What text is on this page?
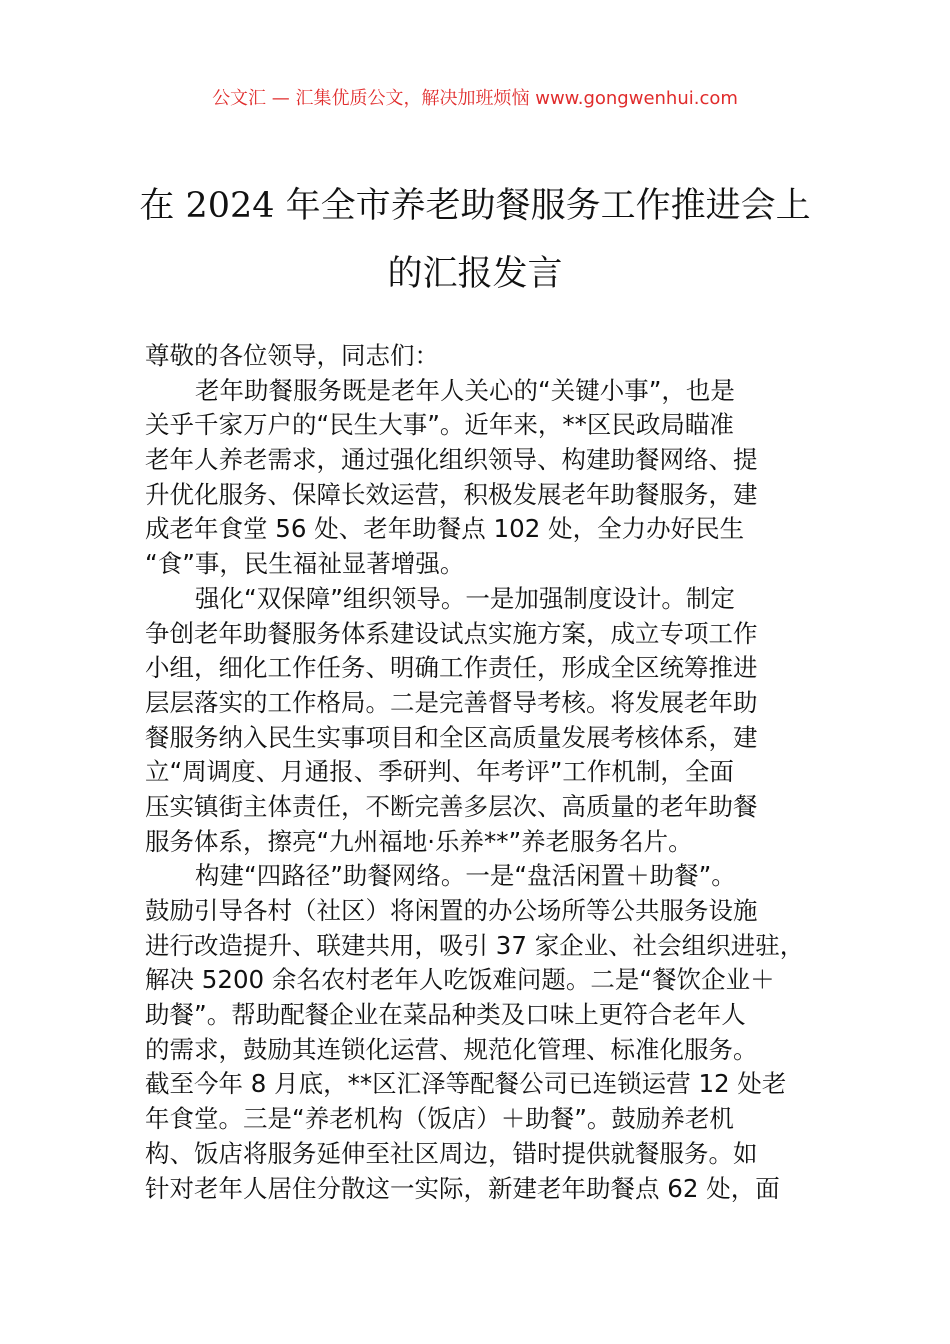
公文汇 — 汇集优质公文，解决加班烦恼 www.gongwenhui.com
在 2024 年全市养老助餐服务工作推进会上
的汇报发言
尊敬的各位领导，同志们：
老年助餐服务既是老年人关心的“关键小事”，也是
关乎千家万户的“民生大事”。近年来，**区民政局瞄准
老年人养老需求，通过强化组织领导、构建助餐网络、提
升优化服务、保障长效运营，积极发展老年助餐服务，建
成老年食堂 56 处、老年助餐点 102 处，全力办好民生
“食”事，民生福祉显著增强。
强化“双保障”组织领导。一是加强制度设计。制定
争创老年助餐服务体系建设试点实施方案，成立专项工作
小组，细化工作任务、明确工作责任，形成全区统筹推进
层层落实的工作格局。二是完善督导考核。将发展老年助
餐服务纳入民生实事项目和全区高质量发展考核体系，建
立“周调度、月通报、季研判、年考评”工作机制，全面
压实镇街主体责任，不断完善多层次、高质量的老年助餐
服务体系，擦亮“九州福地·乐养**”养老服务名片。
构建“四路径”助餐网络。一是“盘活闲置＋助餐”。
鼓励引导各村（社区）将闲置的办公场所等公共服务设施
进行改造提升、联建共用，吸引 37 家企业、社会组织进驻，
解决 5200 余名农村老年人吃饭难问题。二是“餐饮企业＋
助餐”。帮助配餐企业在菜品种类及口味上更符合老年人
的需求，鼓励其连锁化运营、规范化管理、标准化服务。
截至今年 8 月底，**区汇泽等配餐公司已连锁运营 12 处老
年食堂。三是“养老机构（饭店）＋助餐”。鼓励养老机
构、饭店将服务延伸至社区周边，错时提供就餐服务。如
针对老年人居住分散这一实际，新建老年助餐点 62 处，面
